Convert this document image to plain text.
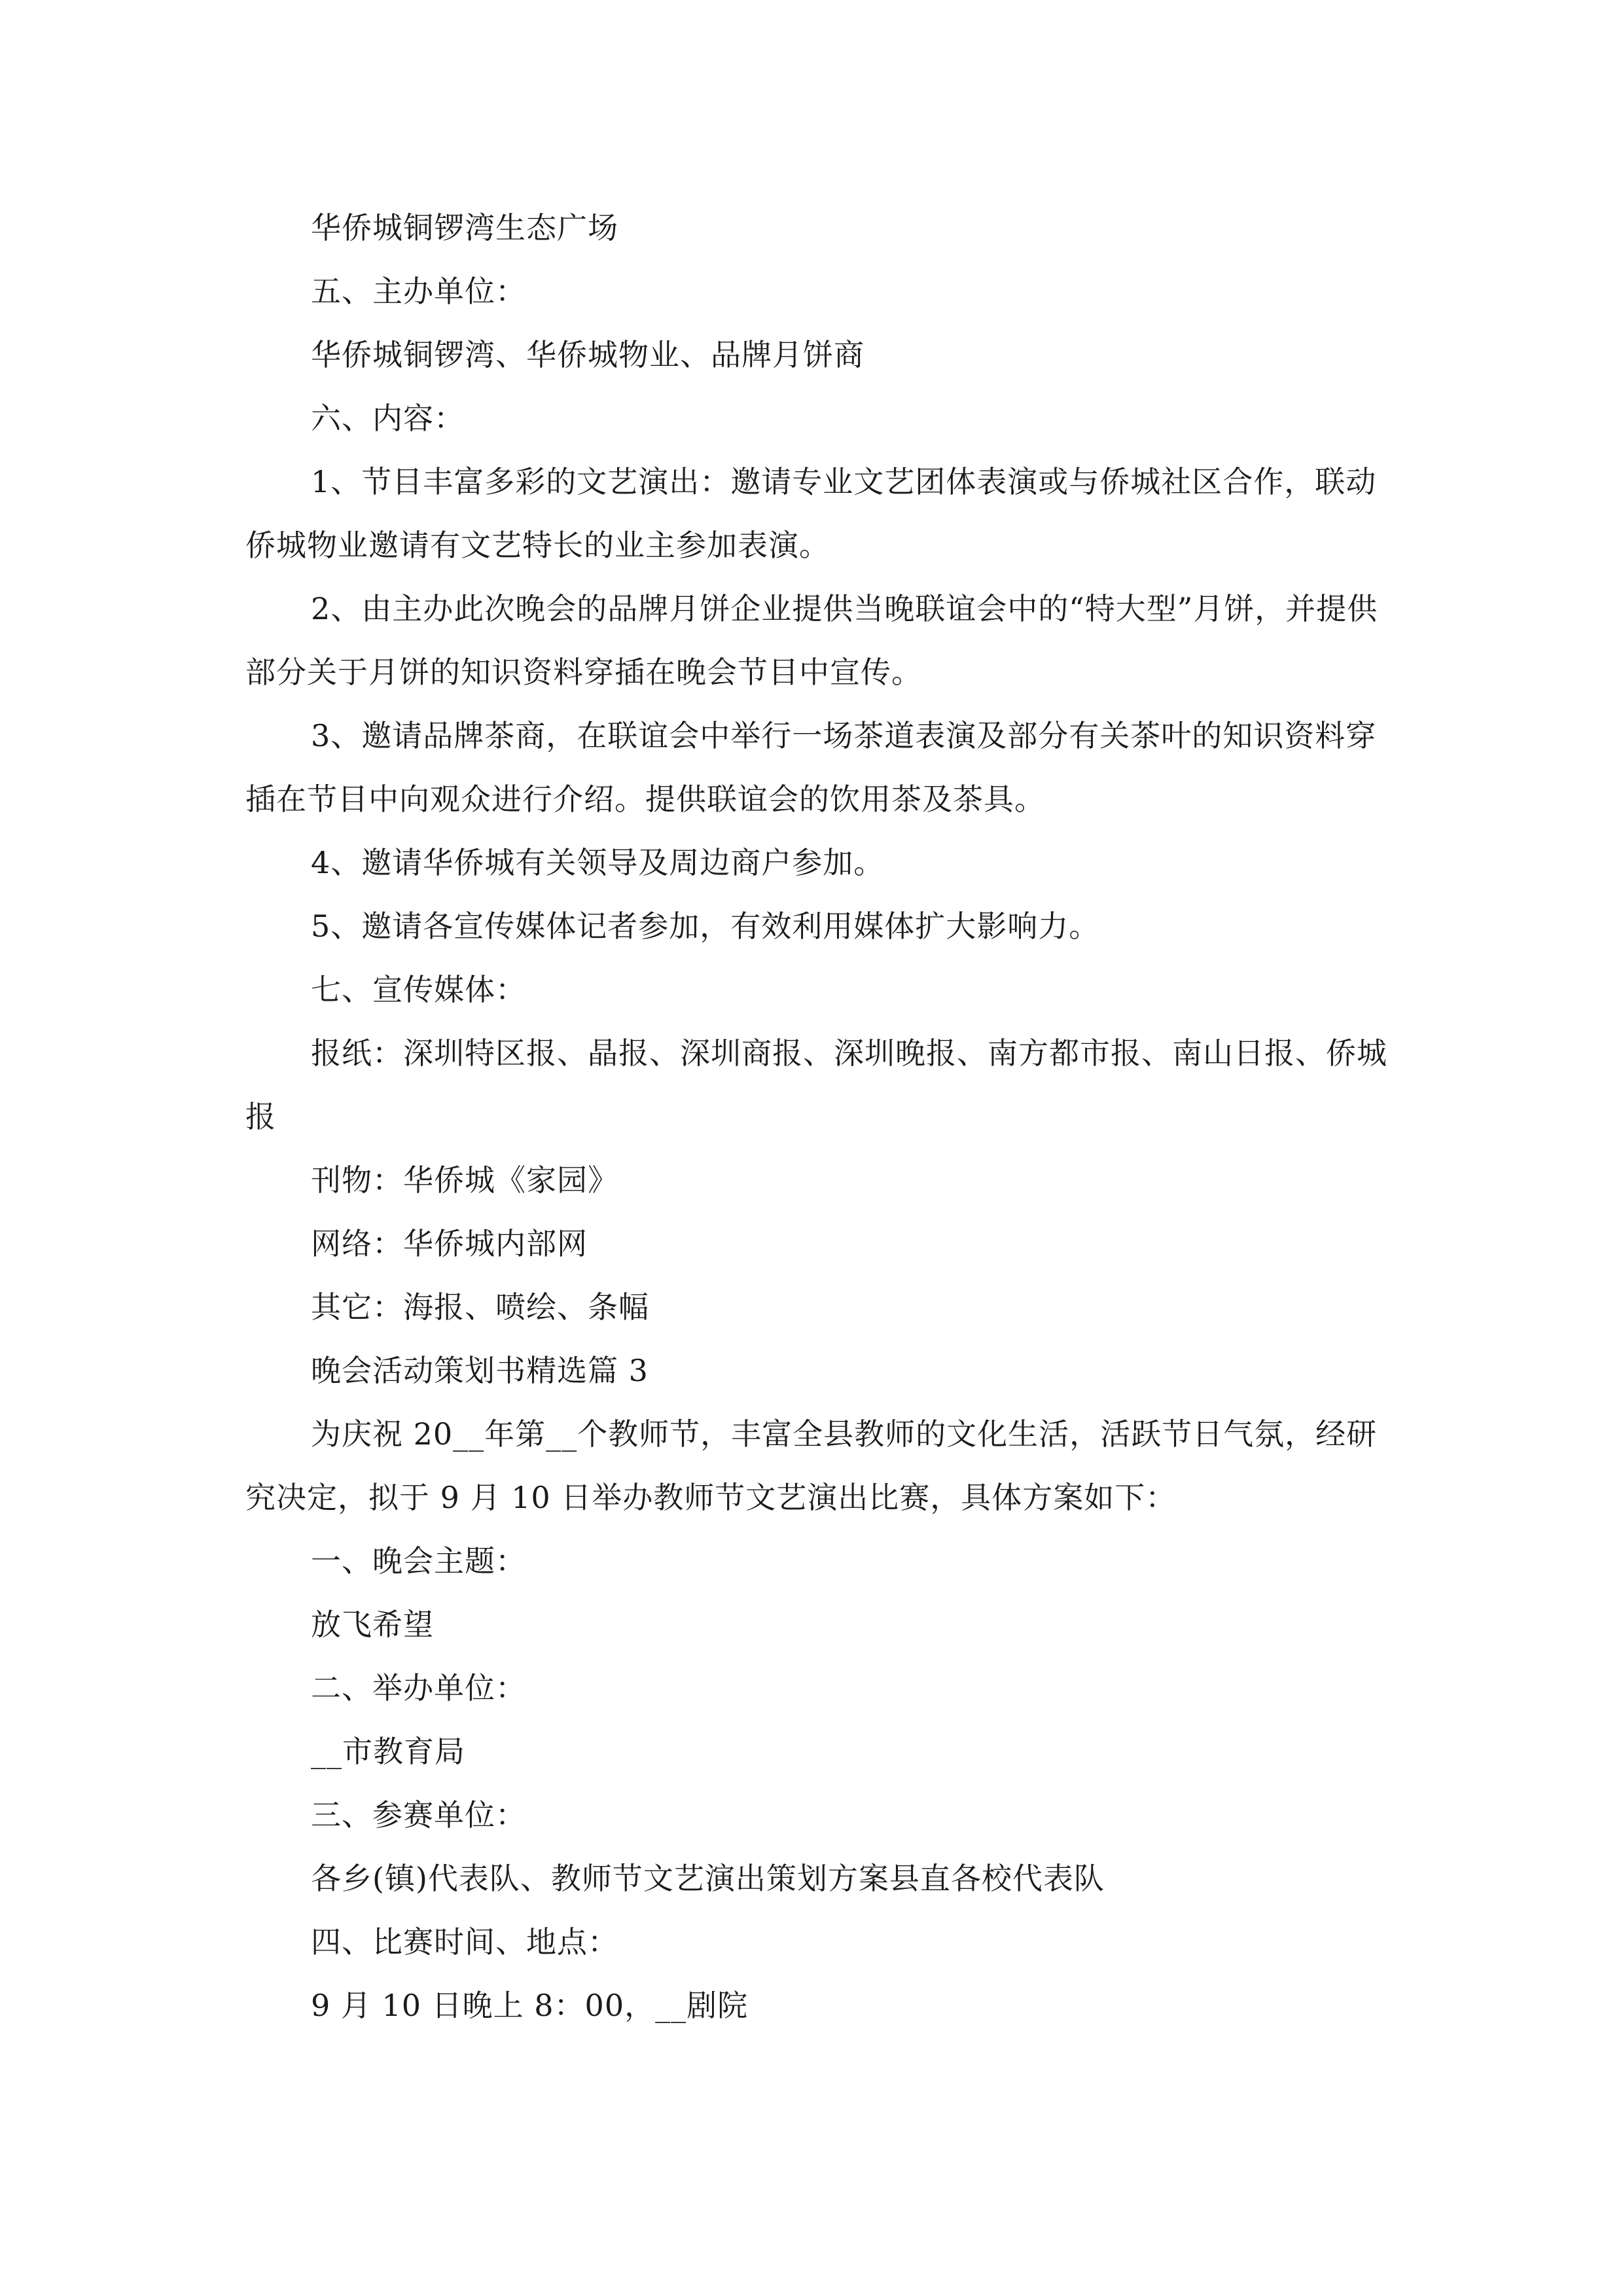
华侨城铜锣湾生态广场

五、主办单位：

华侨城铜锣湾、华侨城物业、品牌月饼商

六、内容：

1、节目丰富多彩的文艺演出：邀请专业文艺团体表演或与侨城社区合作，联动侨城物业邀请有文艺特长的业主参加表演。

2、由主办此次晚会的品牌月饼企业提供当晚联谊会中的“特大型”月饼，并提供部分关于月饼的知识资料穿插在晚会节目中宣传。

3、邀请品牌茶商，在联谊会中举行一场茶道表演及部分有关茶叶的知识资料穿插在节目中向观众进行介绍。提供联谊会的饮用茶及茶具。

4、邀请华侨城有关领导及周边商户参加。

5、邀请各宣传媒体记者参加，有效利用媒体扩大影响力。

七、宣传媒体：

报纸：深圳特区报、晶报、深圳商报、深圳晚报、南方都市报、南山日报、侨城报

刊物：华侨城《家园》

网络：华侨城内部网

其它：海报、喷绘、条幅

晚会活动策划书精选篇 3

为庆祝 20__年第__个教师节，丰富全县教师的文化生活，活跃节日气氛，经研究决定，拟于 9 月 10 日举办教师节文艺演出比赛，具体方案如下：

一、晚会主题：

放飞希望

二、举办单位：

__市教育局

三、参赛单位：

各乡(镇)代表队、教师节文艺演出策划方案县直各校代表队

四、比赛时间、地点：

9 月 10 日晚上 8：00，__剧院
